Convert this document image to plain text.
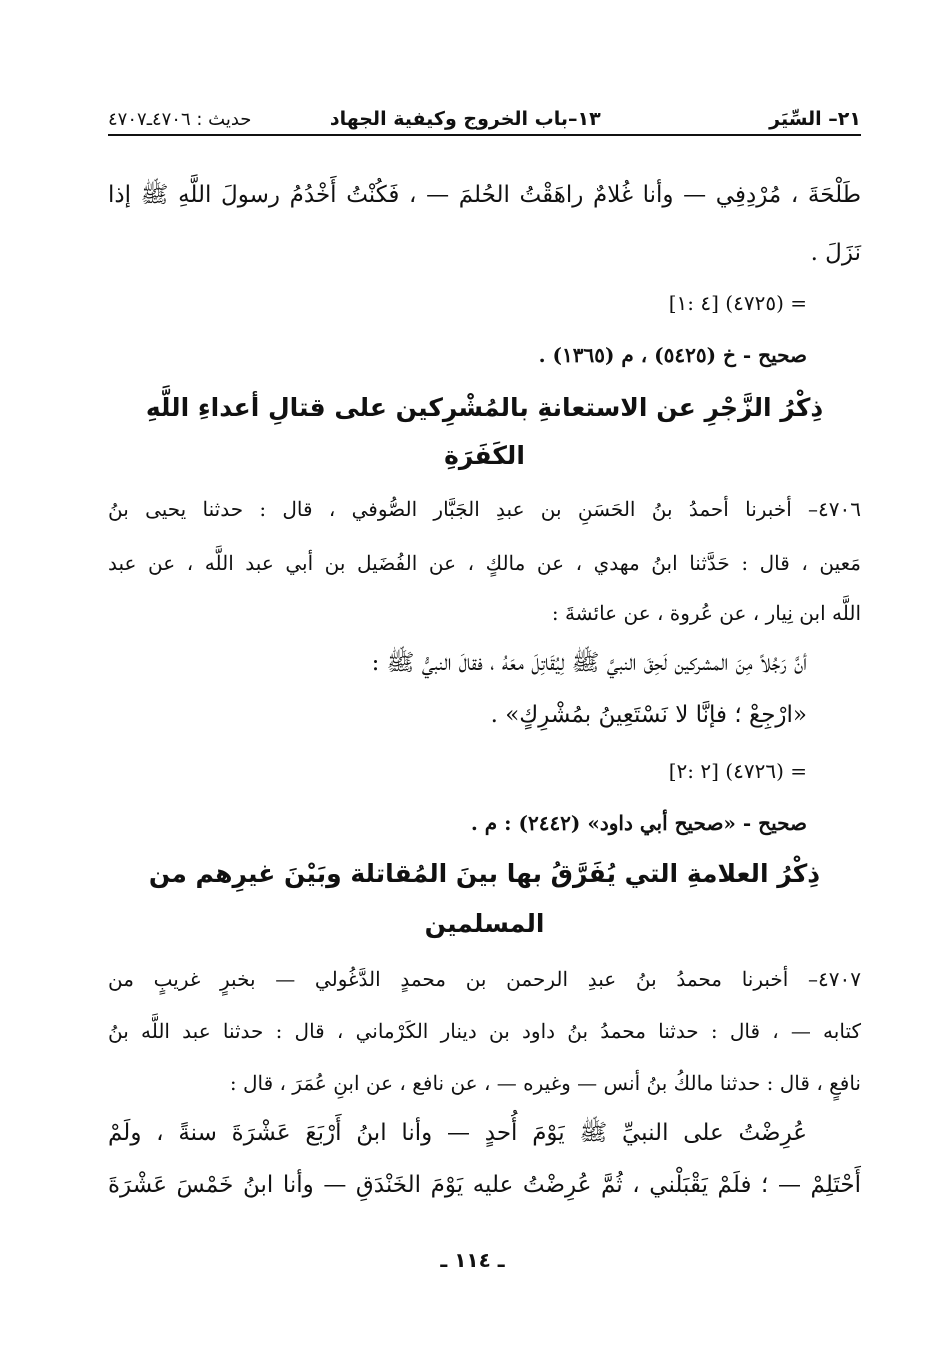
٢١– السِّيَر
١٣–باب الخروج وكيفية الجهاد
حديث : ٤٧٠٦ـ٤٧٠٧
طَلْحَةَ ، مُرْدِفِي — وأنا غُلامٌ راهَقْتُ الحُلمَ — ، فَكُنْتُ أَخْدُمُ رسولَ اللَّهِ ﷺ إذا
نَزَلَ .
= (٤٧٢٥) [٤ :١]
صحيح - خ (٥٤٢٥) ، م (١٣٦٥) .
ذِكْرُ الزَّجْرِ عن الاستعانةِ بالمُشْرِكين على قتالِ أعداءِ اللَّهِ
الكَفَرَةِ
٤٧٠٦– أخبرنا أحمدُ بنُ الحَسَنِ بن عبدِ الجَبَّار الصُّوفي ، قال : حدثنا يحيى بنُ
مَعين ، قال : حَدَّثنا ابنُ مهدي ، عن مالكٍ ، عن الفُضَيل بن أبي عبد اللَّه ، عن عبد
اللَّه ابن نِيار ، عن عُروة ، عن عائشةَ :
أنَّ رَجُلاً مِنَ المشركين لَحِقَ النبيَّ ﷺ لِيُقَاتِلَ معَهُ ، فقالَ النبيُّ ﷺ :
«ارْجِعْ ؛ فإنَّا لا نَسْتَعِينُ بمُشْرِكٍ» .
= (٤٧٢٦) [٢ :٢]
صحيح - «صحيح أبي داود» (٢٤٤٢) : م .
ذِكْرُ العلامةِ التي يُفَرَّقُ بها بينَ المُقاتلة وبَيْنَ غيرِهم من
المسلمين
٤٧٠٧– أخبرنا محمدُ بنُ عبدِ الرحمن بن محمدٍ الدَّغُولي — بخبرٍ غريبٍ من
كتابه — ، قال : حدثنا محمدُ بنُ داود بن دينار الكَرْماني ، قال : حدثنا عبد اللَّه بنُ
نافعٍ ، قال : حدثنا مالكُ بنُ أنس — وغيره — ، عن نافع ، عن ابنِ عُمَرَ ، قال :
عُرِضْتُ على النبيِّ ﷺ يَوْمَ أُحدٍ — وأنا ابنُ أَرْبَعَ عَشْرَةَ سنةً ، ولَمْ
أَحْتَلِمْ — ؛ فلَمْ يَقْبَلْني ، ثُمَّ عُرِضْتُ عليه يَوْمَ الخَنْدَقِ — وأنا ابنُ خَمْسَ عَشْرَةَ
ـ ١١٤ ـ
